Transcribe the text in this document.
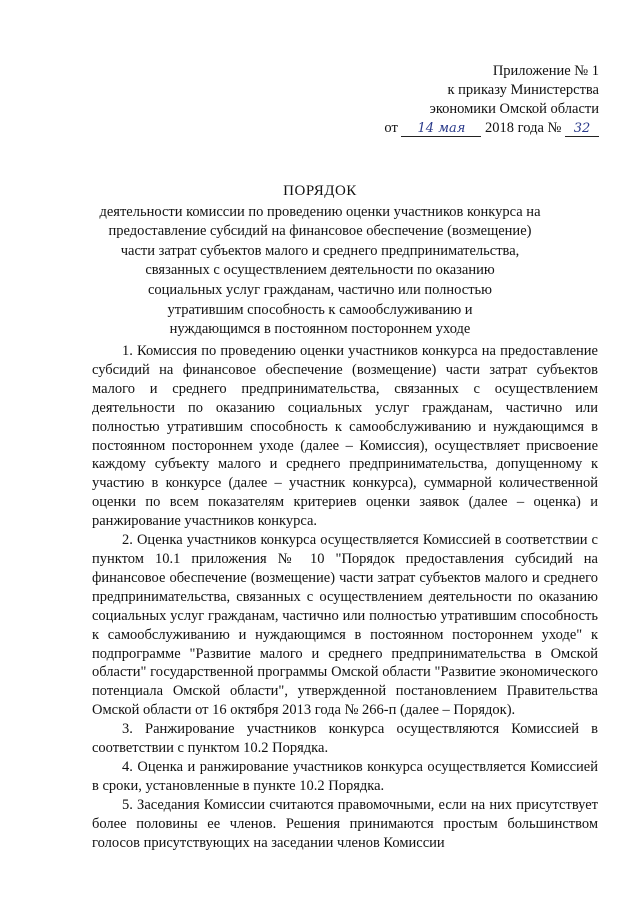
Приложение № 1
к приказу Министерства
экономики Омской области
от 14 мая 2018 года № 32
ПОРЯДОК
деятельности комиссии по проведению оценки участников конкурса на
предоставление субсидий на финансовое обеспечение (возмещение)
части затрат субъектов малого и среднего предпринимательства,
связанных с осуществлением деятельности по оказанию
социальных услуг гражданам, частично или полностью
утратившим способность к самообслуживанию и
нуждающимся в постоянном постороннем уходе

1. Комиссия по проведению оценки участников конкурса на предоставление субсидий на финансовое обеспечение (возмещение) части затрат субъектов малого и среднего предпринимательства, связанных с осуществлением деятельности по оказанию социальных услуг гражданам, частично или полностью утратившим способность к самообслуживанию и нуждающимся в постоянном постороннем уходе (далее – Комиссия), осуществляет присвоение каждому субъекту малого и среднего предпринимательства, допущенному к участию в конкурсе (далее – участник конкурса), суммарной количественной оценки по всем показателям критериев оценки заявок (далее – оценка) и ранжирование участников конкурса.

2. Оценка участников конкурса осуществляется Комиссией в соответствии с пунктом 10.1 приложения № 10 "Порядок предоставления субсидий на финансовое обеспечение (возмещение) части затрат субъектов малого и среднего предпринимательства, связанных с осуществлением деятельности по оказанию социальных услуг гражданам, частично или полностью утратившим способность к самообслуживанию и нуждающимся в постоянном постороннем уходе" к подпрограмме "Развитие малого и среднего предпринимательства в Омской области" государственной программы Омской области "Развитие экономического потенциала Омской области", утвержденной постановлением Правительства Омской области от 16 октября 2013 года № 266-п (далее – Порядок).

3. Ранжирование участников конкурса осуществляются Комиссией в соответствии с пунктом 10.2 Порядка.

4. Оценка и ранжирование участников конкурса осуществляется Комиссией в сроки, установленные в пункте 10.2 Порядка.

5. Заседания Комиссии считаются правомочными, если на них присутствует более половины ее членов. Решения принимаются простым большинством голосов присутствующих на заседании членов Комиссии
